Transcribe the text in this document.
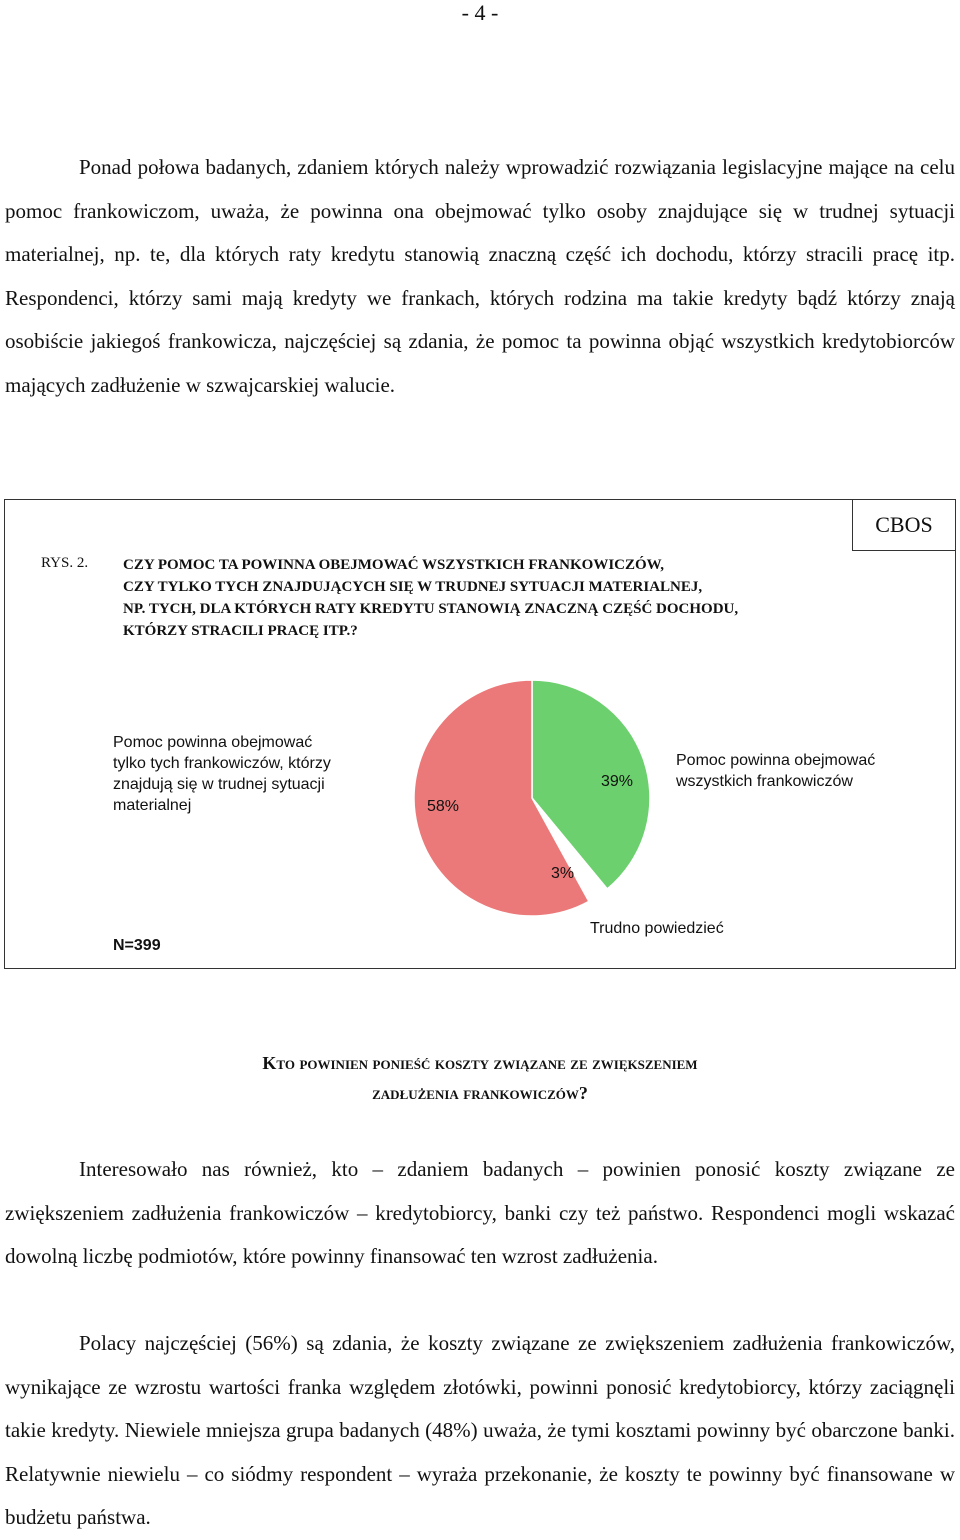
- 4 -

Ponad połowa badanych, zdaniem których należy wprowadzić rozwiązania legislacyjne mające na celu pomoc frankowiczom, uważa, że powinna ona obejmować tylko osoby znajdujące się w trudnej sytuacji materialnej, np. te, dla których raty kredytu stanowią znaczną część ich dochodu, którzy stracili pracę itp. Respondenci, którzy sami mają kredyty we frankach, których rodzina ma takie kredyty bądź którzy znają osobiście jakiegoś frankowicza, najczęściej są zdania, że pomoc ta powinna objąć wszystkich kredytobiorców mających zadłużenie w szwajcarskiej walucie.

CBOS
RYS. 2. CZY POMOC TA POWINNA OBEJMOWAĆ WSZYSTKICH FRANKOWICZÓW,
CZY TYLKO TYCH ZNAJDUJĄCYCH SIĘ W TRUDNEJ SYTUACJI MATERIALNEJ,
NP. TYCH, DLA KTÓRYCH RATY KREDYTU STANOWIĄ ZNACZNĄ CZĘŚĆ DOCHODU,
KTÓRZY STRACILI PRACĘ ITP.?
39%
3%
58%
Pomoc powinna obejmować
tylko tych frankowiczów, którzy
znajdują się w trudnej sytuacji
materialnej
Pomoc powinna obejmować
wszystkich frankowiczów
Trudno powiedzieć
N=399
Kto powinien ponieść koszty związane ze zwiększeniem
zadłużenia frankowiczów?

Interesowało nas również, kto – zdaniem badanych – powinien ponosić koszty związane ze zwiększeniem zadłużenia frankowiczów – kredytobiorcy, banki czy też państwo. Respondenci mogli wskazać dowolną liczbę podmiotów, które powinny finansować ten wzrost zadłużenia.

Polacy najczęściej (56%) są zdania, że koszty związane ze zwiększeniem zadłużenia frankowiczów, wynikające ze wzrostu wartości franka względem złotówki, powinni ponosić kredytobiorcy, którzy zaciągnęli takie kredyty. Niewiele mniejsza grupa badanych (48%) uważa, że tymi kosztami powinny być obarczone banki. Relatywnie niewielu – co siódmy respondent – wyraża przekonanie, że koszty te powinny być finansowane w budżetu państwa.
